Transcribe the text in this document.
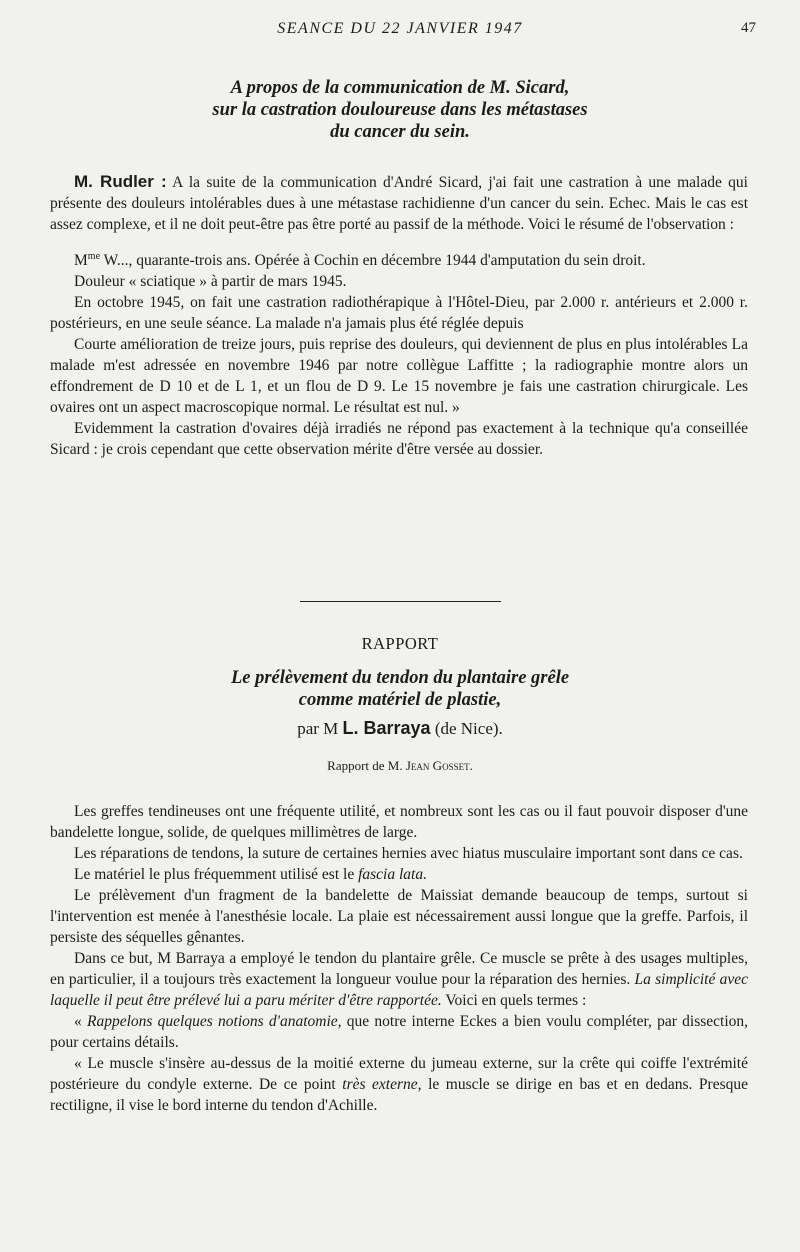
SEANCE DU 22 JANVIER 1947	47
A propos de la communication de M. Sicard,
sur la castration douloureuse dans les métastases
du cancer du sein.

M. Rudler : A la suite de la communication d'André Sicard, j'ai fait une castration à une malade qui présente des douleurs intolérables dues à une métastase rachidienne d'un cancer du sein. Echec. Mais le cas est assez complexe, et il ne doit peut-être pas être porté au passif de la méthode. Voici le résumé de l'observation :

$M^{me}$ W..., quarante-trois ans. Opérée à Cochin en décembre 1944 d'amputation du sein droit.

Douleur « sciatique » à partir de mars 1945.

En octobre 1945, on fait une castration radiothérapique à l'Hôtel-Dieu, par 2.000 r. antérieurs et 2.000 r. postérieurs, en une seule séance. La malade n'a jamais plus été réglée depuis

Courte amélioration de treize jours, puis reprise des douleurs, qui deviennent de plus en plus intolérables La malade m'est adressée en novembre 1946 par notre collègue Laffitte ; la radiographie montre alors un effondrement de D 10 et de L 1, et un flou de D 9. Le 15 novembre je fais une castration chirurgicale. Les ovaires ont un aspect macroscopique normal. Le résultat est nul. »

Evidemment la castration d'ovaires déjà irradiés ne répond pas exactement à la technique qu'a conseillée Sicard : je crois cependant que cette observation mérite d'être versée au dossier.

RAPPORT
Le prélèvement du tendon du plantaire grêle
comme matériel de plastie,
par M L. Barraya (de Nice).
Rapport de M. Jean Gosset.

Les greffes tendineuses ont une fréquente utilité, et nombreux sont les cas ou il faut pouvoir disposer d'une bandelette longue, solide, de quelques millimètres de large.

Les réparations de tendons, la suture de certaines hernies avec hiatus musculaire important sont dans ce cas.

Le matériel le plus fréquemment utilisé est le fascia lata.

Le prélèvement d'un fragment de la bandelette de Maissiat demande beaucoup de temps, surtout si l'intervention est menée à l'anesthésie locale. La plaie est nécessairement aussi longue que la greffe. Parfois, il persiste des séquelles gênantes.

Dans ce but, M Barraya a employé le tendon du plantaire grêle. Ce muscle se prête à des usages multiples, en particulier, il a toujours très exactement la longueur voulue pour la réparation des hernies. La simplicité avec laquelle il peut être prélevé lui a paru mériter d'être rapportée. Voici en quels termes :

« Rappelons quelques notions d'anatomie, que notre interne Eckes a bien voulu compléter, par dissection, pour certains détails.

« Le muscle s'insère au-dessus de la moitié externe du jumeau externe, sur la crête qui coiffe l'extrémité postérieure du condyle externe. De ce point très externe, le muscle se dirige en bas et en dedans. Presque rectiligne, il vise le bord interne du tendon d'Achille.
